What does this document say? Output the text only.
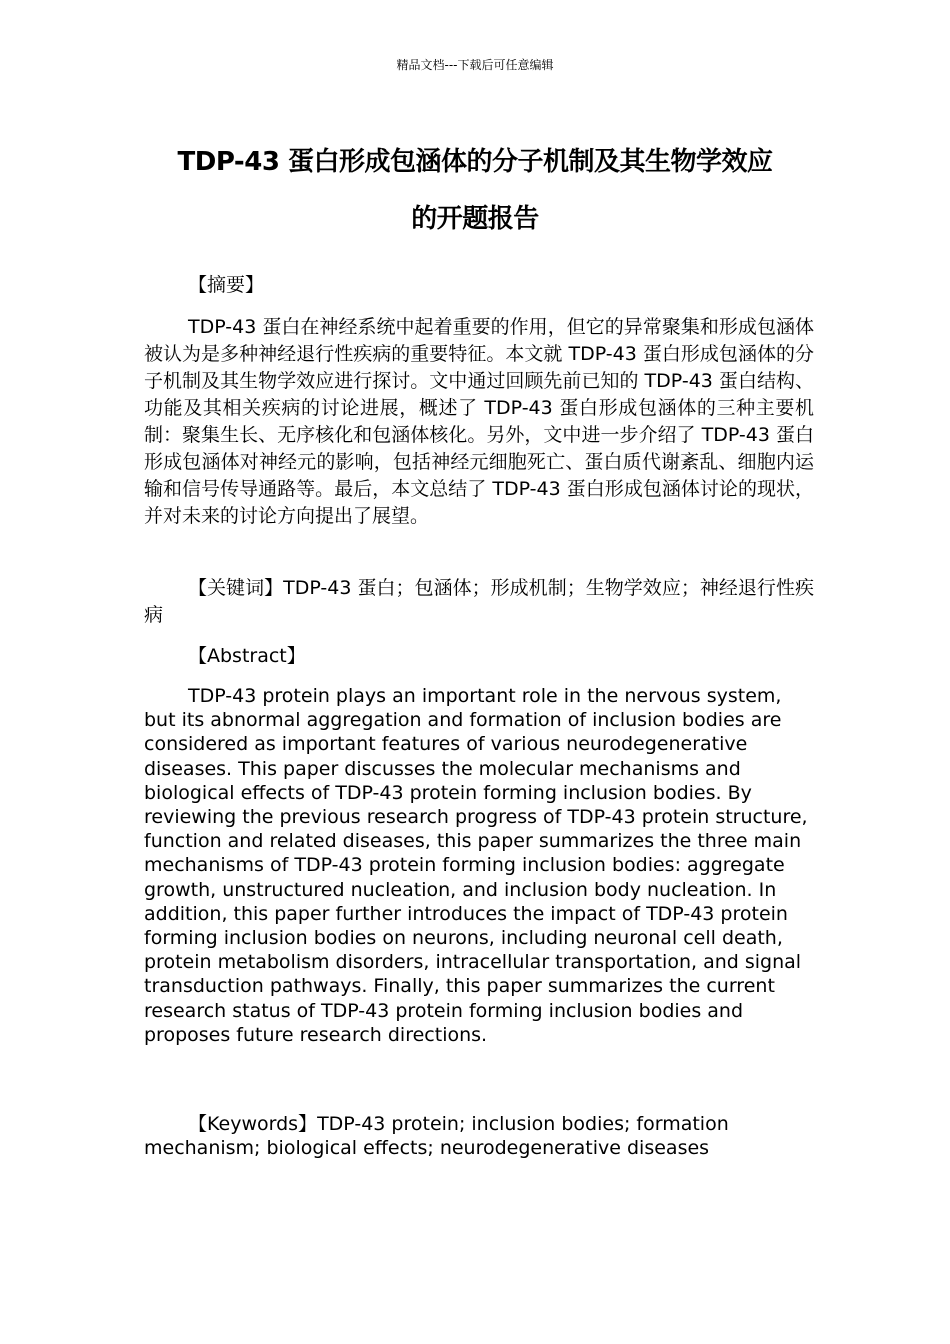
精品文档---下载后可任意编辑
TDP-43 蛋白形成包涵体的分子机制及其生物学效应
的开题报告

【摘要】

TDP-43 蛋白在神经系统中起着重要的作用，但它的异常聚集和形成包涵体被认为是多种神经退行性疾病的重要特征。本文就 TDP-43 蛋白形成包涵体的分子机制及其生物学效应进行探讨。文中通过回顾先前已知的 TDP-43 蛋白结构、功能及其相关疾病的讨论进展，概述了 TDP-43 蛋白形成包涵体的三种主要机制：聚集生长、无序核化和包涵体核化。另外，文中进一步介绍了 TDP-43 蛋白形成包涵体对神经元的影响，包括神经元细胞死亡、蛋白质代谢紊乱、细胞内运输和信号传导通路等。最后，本文总结了 TDP-43 蛋白形成包涵体讨论的现状，并对未来的讨论方向提出了展望。

【关键词】TDP-43 蛋白；包涵体；形成机制；生物学效应；神经退行性疾病

【Abstract】

TDP-43 protein plays an important role in the nervous system, but its abnormal aggregation and formation of inclusion bodies are considered as important features of various neurodegenerative diseases. This paper discusses the molecular mechanisms and biological effects of TDP-43 protein forming inclusion bodies. By reviewing the previous research progress of TDP-43 protein structure, function and related diseases, this paper summarizes the three main mechanisms of TDP-43 protein forming inclusion bodies: aggregate growth, unstructured nucleation, and inclusion body nucleation. In addition, this paper further introduces the impact of TDP-43 protein forming inclusion bodies on neurons, including neuronal cell death, protein metabolism disorders, intracellular transportation, and signal transduction pathways. Finally, this paper summarizes the current research status of TDP-43 protein forming inclusion bodies and proposes future research directions.

【Keywords】TDP-43 protein; inclusion bodies; formation mechanism; biological effects; neurodegenerative diseases
